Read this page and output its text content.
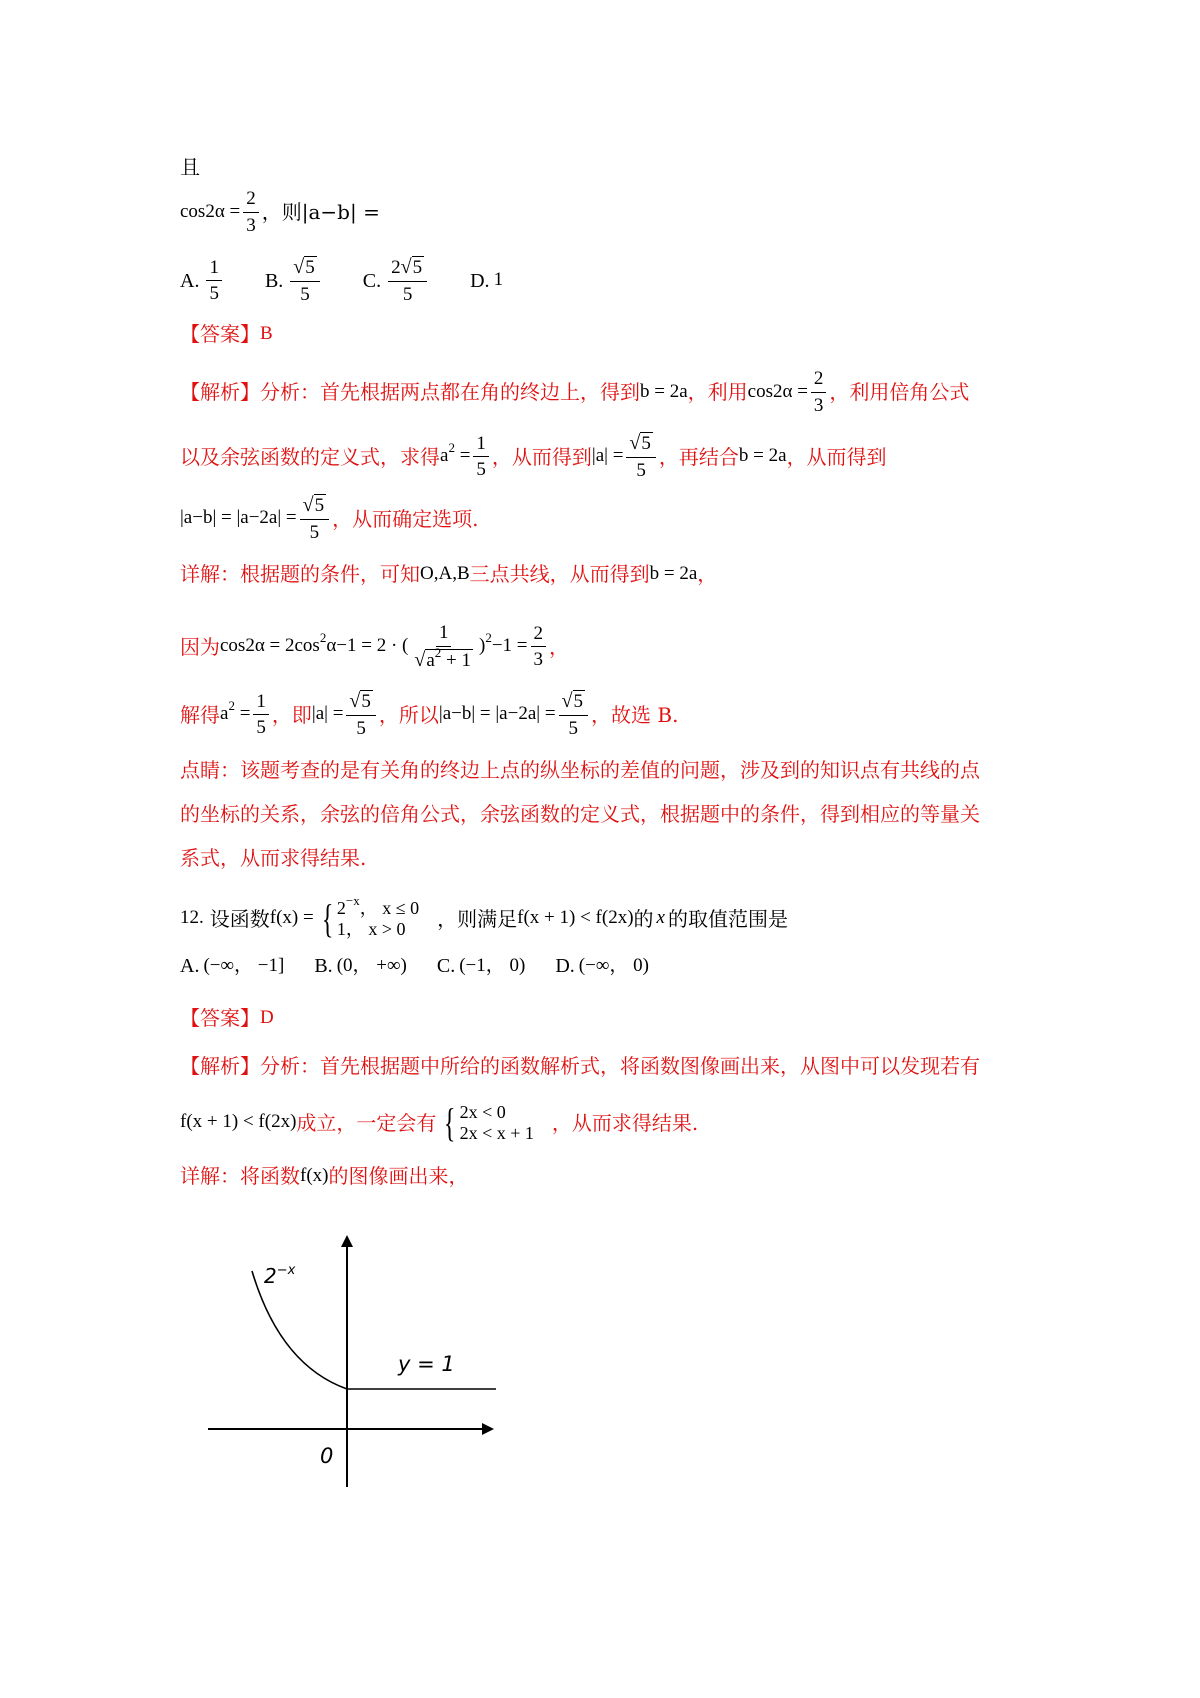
且
$\cos 2\alpha = \frac{2}{3}$ ，则|a−b| =
A. $\frac{1}{5} B$. $\frac{√ 5}{5} C$. $\frac{2 √ 5}{5} D$. 1
【答案】 B
【解析】 分析：首先根据两点都在角的终边上，得到 b = 2a ，利用 $\cos 2\alpha = \frac{2}{3}$ ，利用倍角公式
以及余弦函数的定义式，求得 $a^2 = \frac{1}{5}$ ，从而得到 $|a| = \frac{√ 5}{5}$ ，再结合 b = 2a ，从而得到
$|a-b| = |a-2a| = \frac{√ 5}{5}$ ，从而确定选项.
详解：根据题的条件，可知 O,A,B 三点共线，从而得到 b = 2a ，
因为 $\cos 2\alpha = 2\cos^2\alpha-1 = 2$ · ( $\frac{1}{√ a^2 + 1} )^2-1 = \frac{2}{3}$ ，
解得 $a^2 = \frac{1}{5}$ ，即 $|a| = \frac{√ 5}{5}$ ，所以 $|a-b| = |a-2a| = \frac{√ 5}{5}$ ，故选 B.
点睛：该题考查的是有关角的终边上点的纵坐标的差值的问题，涉及到的知识点有共线的点
的坐标的关系，余弦的倍角公式，余弦函数的定义式，根据题中的条件，得到相应的等量关
系式，从而求得结果.
12. 设函数 f(x) = { $2^{-x}$， x ≤ 0
1， x > 0	，则满足 f(x + 1) < f(2x) 的 x 的取值范围是
A. (−∞， −1] B. (0， +∞) C. (−1， 0) D. (−∞， 0)
【答案】 D
【解析】 分析：首先根据题中所给的函数解析式，将函数图像画出来，从图中可以发现若有
f(x + 1) < f(2x) 成立，一定会有 { 2x < 0
2x < x + 1 ，从而求得结果.
详解：将函数 f(x) 的图像画出来，
$2^{-x}$
y = 1
0
